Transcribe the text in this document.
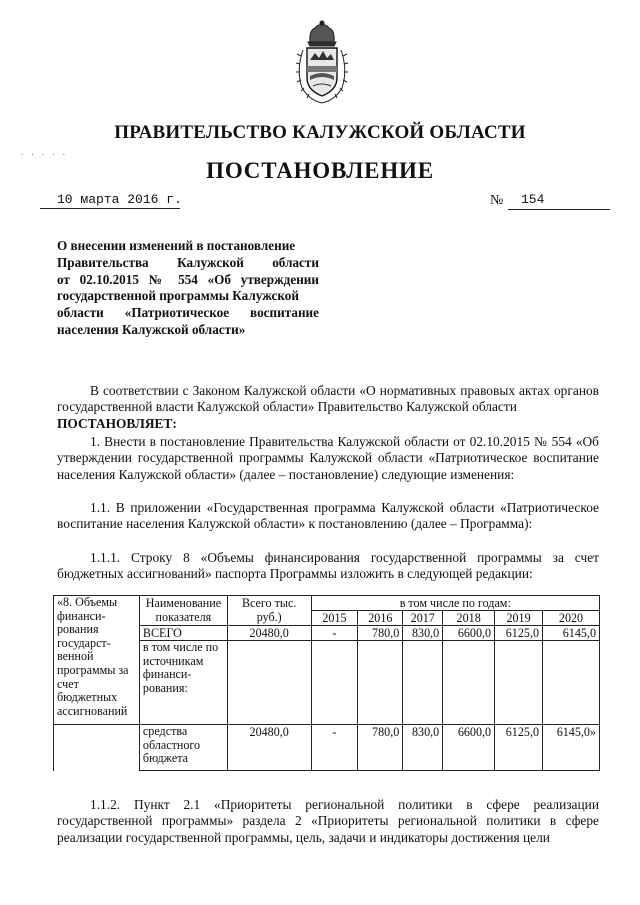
ПРАВИТЕЛЬСТВО КАЛУЖСКОЙ ОБЛАСТИ
. . . . .
ПОСТАНОВЛЕНИЕ
10 марта 2016 г.	№ 154
О внесении изменений в постановление
Правительства Калужской области
от 02.10.2015 № 554 «Об утверждении
государственной программы Калужской
области «Патриотическое воспитание
населения Калужской области»
В соответствии с Законом Калужской области «О нормативных правовых актах органов государственной власти Калужской области» Правительство Калужской области
ПОСТАНОВЛЯЕТ:
1. Внести в постановление Правительства Калужской области от 02.10.2015 № 554 «Об утверждении государственной программы Калужской области «Патриотическое воспитание населения Калужской области» (далее – постановление) следующие изменения:
1.1. В приложении «Государственная программа Калужской области «Патриотическое воспитание населения Калужской области» к постановлению (далее – Программа):
1.1.1. Строку 8 «Объемы финансирования государственной программы за счет бюджетных ассигнований» паспорта Программы изложить в следующей редакции:
«8. Объемы финанси-рования государст-венной программы за счет бюджетных ассигнований	Наименование показателя	Всего тыс. руб.)	в том числе по годам:					
			2015	2016	2017	2018	2019	2020
	ВСЕГО	20480,0	-	780,0	830,0	6600,0	6125,0	6145,0
	в том числе по источникам финанси-рования:							
	средства областного бюджета	20480,0	-	780,0	830,0	6600,0	6125,0	6145,0»
1.1.2. Пункт 2.1 «Приоритеты региональной политики в сфере реализации государственной программы» раздела 2 «Приоритеты региональной политики в сфере реализации государственной программы, цель, задачи и индикаторы достижения цели
